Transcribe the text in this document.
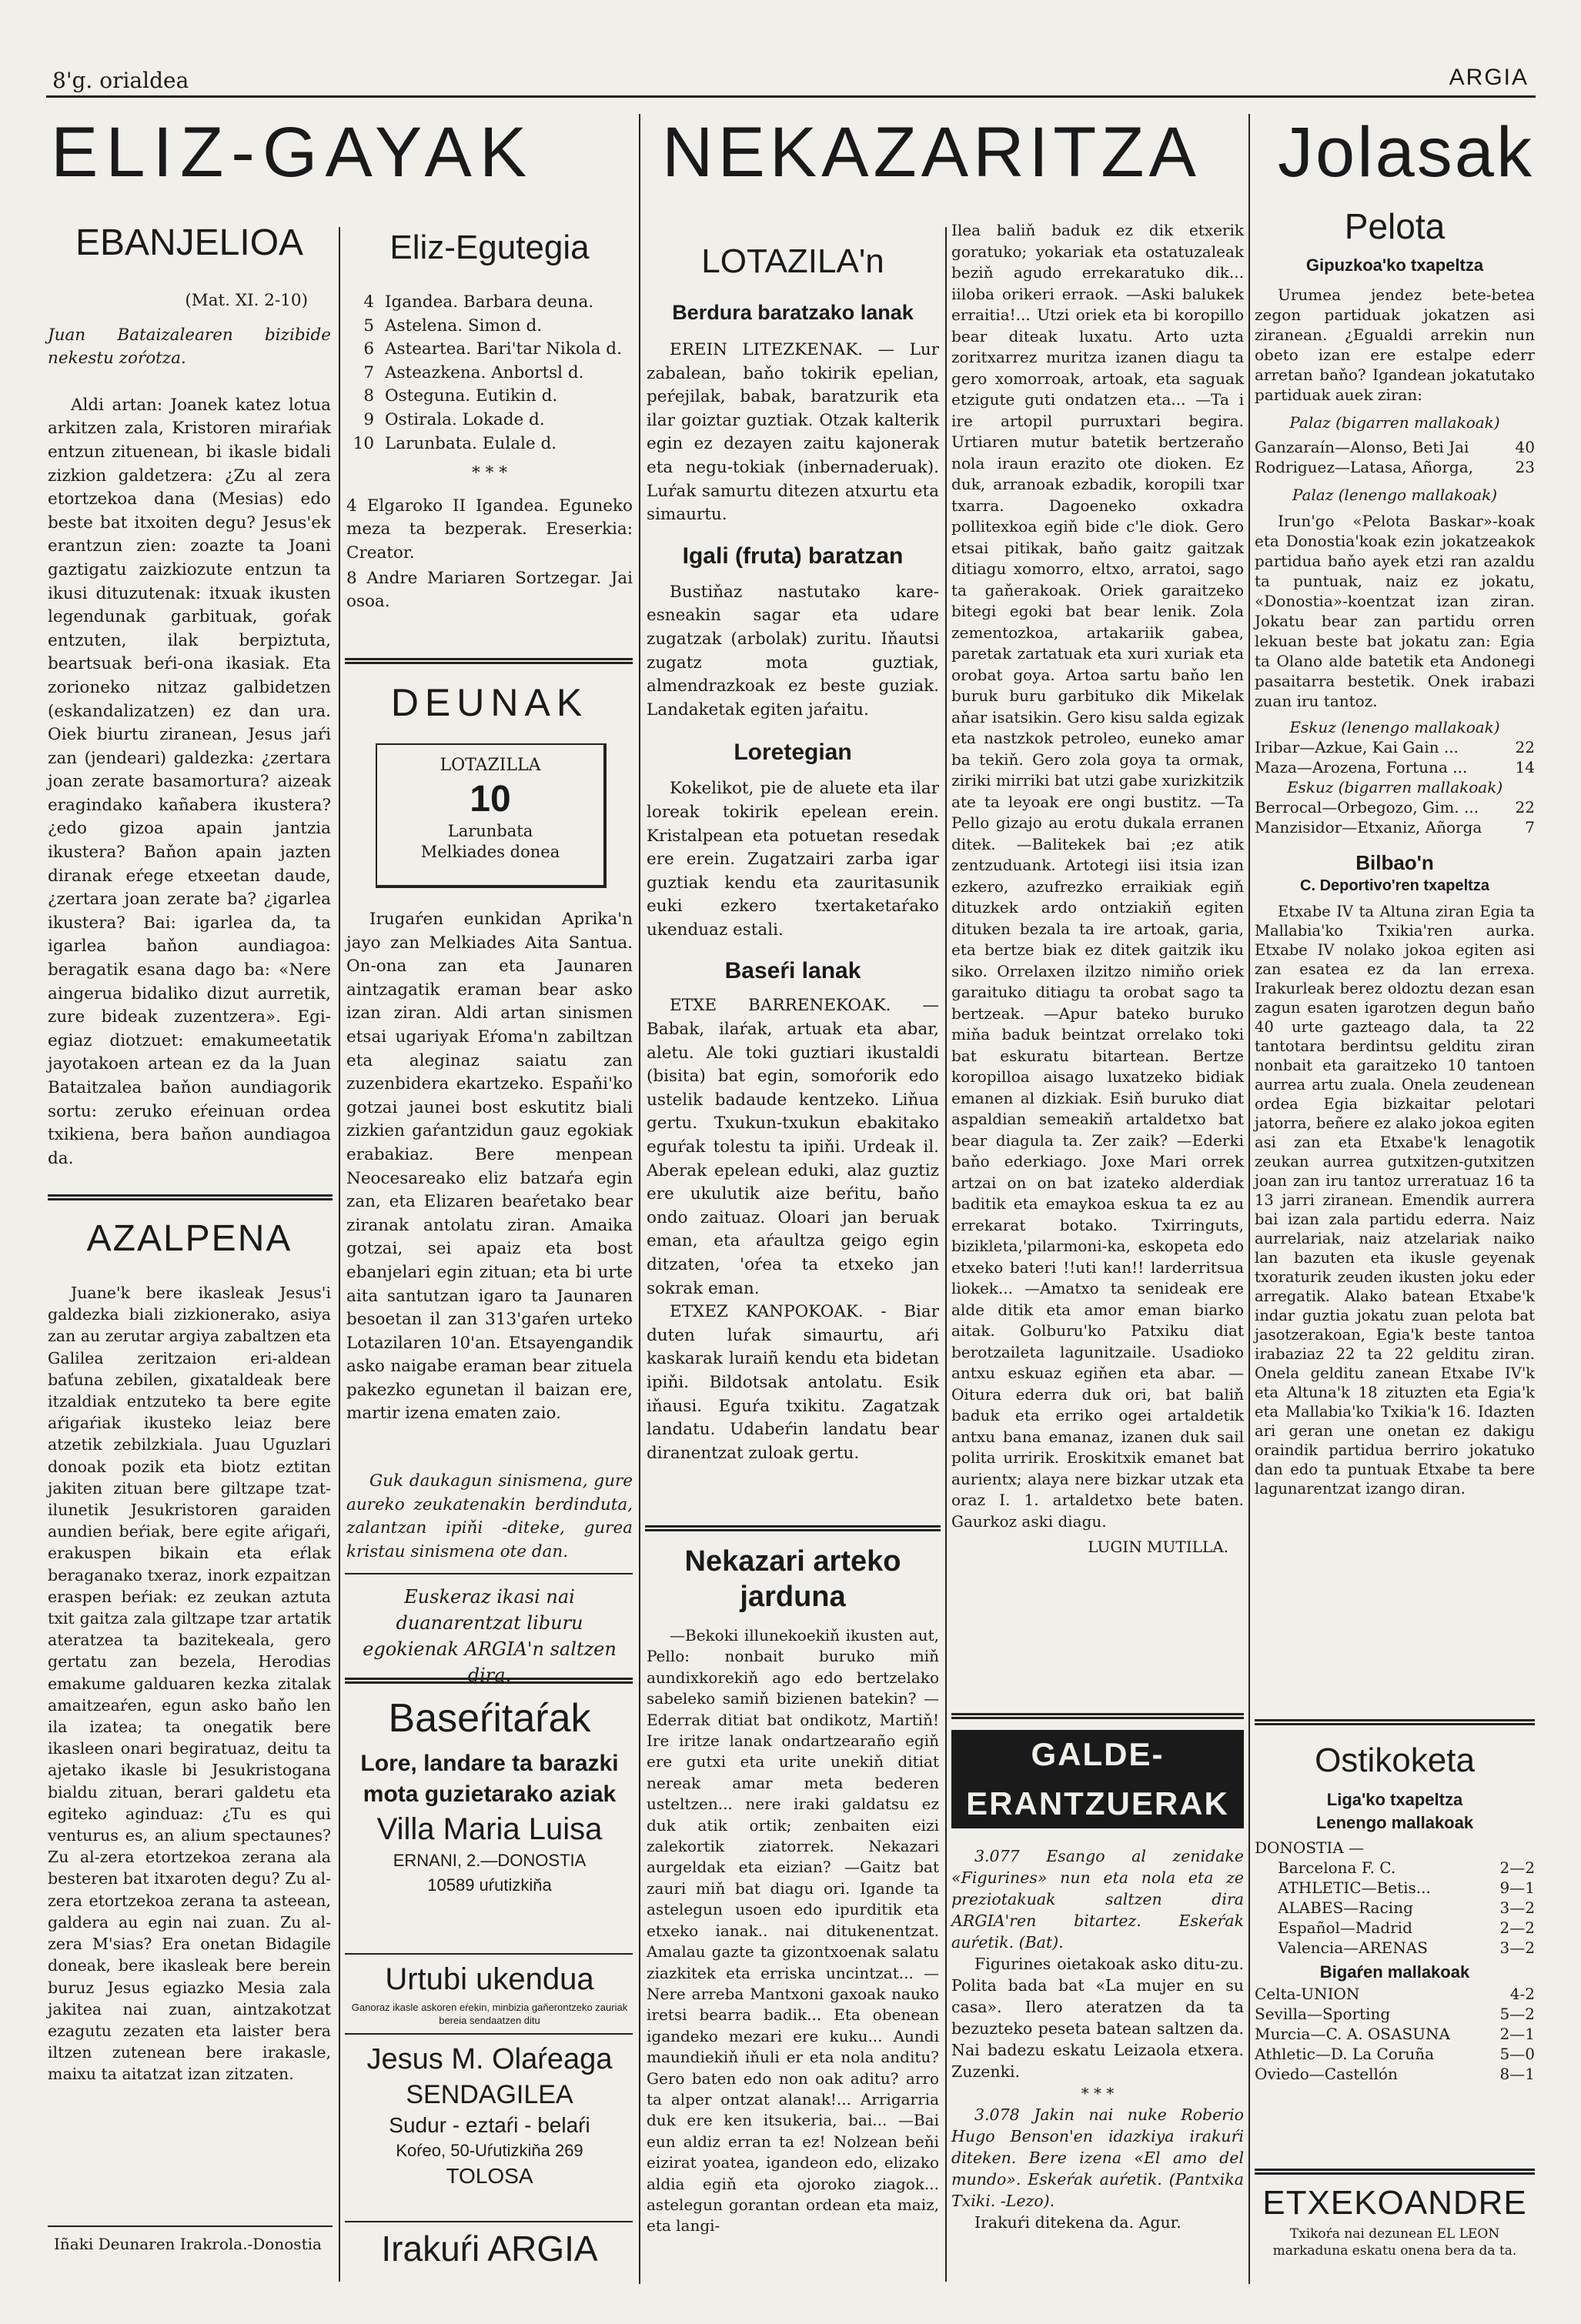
8'g. orialdea	ARGIA
ELIZ-GAYAK NEKAZARITZA Jolasak
EBANJELIOA
(Mat. XI. 2-10)
Juan Bataizalearen bizibide nekestu zoŕotza.
Aldi artan: Joanek katez lotua arkitzen zala, Kristoren miraŕiak entzun zituenean, bi ikasle bidali zizkion galdetzera: ¿Zu al zera etortzekoa dana (Mesias) edo beste bat itxoiten degu? Jesus'ek erantzun zien: zoazte ta Joani gaztigatu zaizkiozute entzun ta ikusi dituzutenak: itxuak ikusten legendunak garbituak, goŕak entzuten, ilak berpiztuta, beartsuak beŕi-ona ikasiak. Eta zorioneko nitzaz galbidetzen (eskandalizatzen) ez dan ura. Oiek biurtu ziranean, Jesus jaŕi zan (jendeari) galdezka: ¿zertara joan zerate basamortura? aizeak eragindako kañabera ikustera? ¿edo gizoa apain jantzia ikustera? Baňon apain jazten diranak eŕege etxeetan daude, ¿zertara joan zerate ba? ¿igarlea ikustera? Bai: igarlea da, ta igarlea baňon aundiagoa: beragatik esana dago ba: «Nere aingerua bidaliko dizut aurretik, zure bideak zuzentzera». Egi-egiaz diotzuet: emakumeetatik jayotakoen artean ez da la Juan Bataitzalea baňon aundiagorik sortu: zeruko eŕeinuan ordea txikiena, bera baňon aundiagoa da.
AZALPENA
Juane'k bere ikasleak Jesus'i galdezka biali zizkionerako, asiya zan au zerutar argiya zabaltzen eta Galilea zeritzaion eri-aldean baťuna zebilen, gixataldeak bere itzaldiak entzuteko ta bere egite aŕigaŕiak ikusteko leiaz bere atzetik zebilzkiala. Juau Uguzlari donoak pozik eta biotz eztitan jakiten zituan bere giltzape tzat-ilunetik Jesukristoren garaiden aundien beŕiak, bere egite aŕigaŕi, erakuspen bikain eta eŕlak beraganako txeraz, inork ezpaitzan eraspen beŕiak: ez zeukan aztuta txit gaitza zala giltzape tzar artatik ateratzea ta bazitekeala, gero gertatu zan bezela, Herodias emakume galduaren kezka zitalak amaitzeaŕen, egun asko baňo len ila izatea; ta onegatik bere ikasleen onari begiratuaz, deitu ta ajetako ikasle bi Jesukristogana bialdu zituan, berari galdetu eta egiteko aginduaz: ¿Tu es qui venturus es, an alium spectaunes? Zu al-zera etortzekoa zerana ala besteren bat itxaroten degu? Zu al-zera etortzekoa zerana ta asteean, galdera au egin nai zuan. Zu al-zera M'sias? Era onetan Bidagile doneak, bere ikasleak bere berein buruz Jesus egiazko Mesia zala jakitea nai zuan, aintzakotzat ezagutu zezaten eta laister bera iltzen zutenean bere irakasle, maixu ta aitatzat izan zitzaten.
Iñaki Deunaren Irakrola.-Donostia
Eliz-Egutegia
4 Igandea. Barbara deuna.
5 Astelena. Simon d.
6 Asteartea. Bari'tar Nikola d.
7 Asteazkena. Anbortsl d.
8 Osteguna. Eutikin d.
9 Ostirala. Lokade d.
10 Larunbata. Eulale d.
* * *
4 Elgaroko II Igandea. Egunekо meza ta bezperak. Ereserkia: Creator.
8 Andre Mariaren Sortzegar. Jai osoa.
DEUNAK
LOTAZILLA
10
Larunbata
Melkiades donea
Irugaŕen eunkidan Aprika'n jayo zan Melkiades Aita Santua. On-ona zan eta Jaunaren aintzagatik eraman bear asko izan ziran. Aldi artan sinismen etsai ugariyak Eŕoma'n zabiltzan eta aleginaz saiatu zan zuzenbidera ekartzeko. Espaňi'ko gotzai jaunei bost eskutitz biali zizkien gaŕantzidun gauz egokiak erabakiaz. Bere menpean Neocesareako eliz batzaŕa egin zan, eta Elizaren beaŕetako bear ziranak antolatu ziran. Amaika gotzai, sei apaiz eta bost ebanjelari egin zituan; eta bi urte aita santutzan igaro ta Jaunaren besoetan il zan 313'gaŕen urteko Lotazilaren 10'an. Etsayengandik asko naigabe eraman bear zituela pakezko egunetan il baizan ere, martir izena ematen zaio.
Guk daukagun sinismena, gure aureko zeukatenakin berdinduta, zalantzan ipiňi -diteke, gurea kristau sinismena ote dan.
Euskeraz ikasi nai duanarentzat liburu egokienak ARGIA'n saltzen dira.
Baseŕitaŕak
Lore, landare ta barazki
mota guzietarako aziak
Villa Maria Luisa
ERNANI, 2.—DONOSTIA
10589 uŕutizkiňa
Urtubi ukendua
Ganoraz ikasle askoren eŕekin, minbizia gaňerontzeko zauriak bereia sendaatzen ditu
Jesus M. Olaŕeaga
SENDAGILEA
Sudur - eztaŕi - belaŕi
Koŕeo, 50-Uŕutizkiňa 269
TOLOSA
Irakuŕi ARGIA
LOTAZILA'n
Berdura baratzako lanak
EREIN LITEZKENAK. — Lur zabalean, baňo tokirik epelian, peŕejilak, babak, baratzurik eta ilar goiztar guztiak. Otzak kalterik egin ez dezayen zaitu kajonerak eta negu-tokiak (inbernaderuak). Luŕak samurtu ditezen atxurtu eta simaurtu.
Igali (fruta) baratzan
Bustiňaz nastutako kare-esneakin sagar eta udare zugatzak (arbolak) zuritu. Iňautsi zugatz mota guztiak, almendrazkoak ez beste guziak. Landaketak egiten jaŕaitu.
Loretegian
Kokelikot, pie de aluete eta ilar loreak tokirik epelean erein. Kristalpean eta potuetan resedak ere erein. Zugatzairi zarba igar guztiak kendu eta zauritasunik euki ezkero txertaketaŕako ukenduaz estali.
Baseŕi lanak
ETXE BARRENEKOAK. — Babak, ilaŕak, artuak eta abar, aletu. Ale toki guztiari ikustaldi (bisita) bat egin, somoŕorik edo ustelik badaude kentzeko. Liňua gertu. Txukun-txukun ebakitako eguŕak tolestu ta ipiňi. Urdeak il. Aberak epelean eduki, alaz guztiz ere ukulutik aize beŕitu, baňo ondo zaituaz. Oloari jan beruak eman, eta aŕaultza geigo egin ditzaten, 'oŕea ta etxeko jan sokrak eman.
ETXEZ KANPOKOAK. - Biar duten luŕak simaurtu, aŕi kaskarak luraiñ kendu eta bidetan ipiňi. Bildotsak antolatu. Esik iňausi. Eguŕa txikitu. Zagatzak landatu. Udabeŕin landatu bear diranentzat zuloak gertu.
Nekazari arteko jarduna
—Bekoki illunekoekiň ikusten aut, Pello: nonbait buruko miň aundixkorekiň ago edo bertzelako sabeleko samiň bizienen batekin? —Ederrak ditiat bat ondikotz, Martiň! Ire iritze lanak ondartzearaño egiň ere gutxi eta urite unekiň ditiat nereak amar meta bederen usteltzen... nere iraki galdatsu ez duk atik ortik; zenbaiten eizi zalekortik ziatorrek. Nekazari aurgeldak eta eizian? —Gaitz bat zauri miň bat diagu ori. Igande ta astelegun usoen edo ipurditik eta etxeko ianak.. nai ditukenentzat. Amalau gazte ta gizontxoenak salatu ziazkitek eta erriska uncintzat... —Nere arreba Mantxoni gaxoak nauko iretsi bearra badik... Eta obenean igandeko mezari ere kuku... Aundi maundiekiň iňuli er eta nola anditu? Gero baten edo non oak aditu? arro ta alper ontzat alanak!... Arrigarria duk ere ken itsukeria, bai... —Bai eun aldiz erran ta ez! Nolzean beňi eizirat yoatea, igandeon edo, elizako aldia egiň eta ojoroko ziagok... astelegun gorantan ordean eta maiz, eta langi-
Ilea baliň baduk ez dik etxerik goratuko; yokariak eta ostatuzaleak beziň agudo errekaratuko dik... iiloba orikeri erraok. —Aski balukek erraitia!... Utzi oriek eta bi koropillo bear diteak luxatu. Arto uzta zoritxarrez muritza izanen diagu ta gero xomorroak, artoak, eta saguak etzigute guti ondatzen eta... —Ta i ire artopil purruxtari begira. Urtiaren mutur batetik bertzeraňo nola iraun erazito ote dioken. Ez duk, arranoak ezbadik, koropili txar txarra. Dagoeneko oxkadra pollitexkoa egiň bide c'le diok. Gero etsai pitikak, baňo gaitz gaitzak ditiagu xomorro, eltxo, arratoi, sago ta gaňerakoak. Oriek garaitzeko bitegi egoki bat bear lenik. Zola zementozkoa, artakariik gabea, paretak zartatuak eta xuri xuriak eta orobat goya. Artoa sartu baňo len buruk buru garbituko dik Mikelak aňar isatsikin. Gero kisu salda egizak eta nastzkok petroleo, euneko amar ba tekiň. Gero zola goya ta ormak, ziriki mirriki bat utzi gabe xurizkitzik ate ta leyoak ere ongi bustitz. —Ta Pello gizajo au erotu dukala erranen ditek. —Balitekek bai ;ez atik zentzuduank. Artotegi iisi itsia izan ezkero, azufrezko erraikiak egiň dituzkek ardo ontziakiň egiten dituken bezala ta ire artoak, garia, eta bertze biak ez ditek gaitzik iku siko. Orrelaxen ilzitzo nimiňo oriek garaituko ditiagu ta orobat sago ta bertzeak. —Apur bateko buruko miňa baduk beintzat orrelako toki bat eskuratu bitartean. Bertze koropilloa aisago luxatzeko bidiak emanen al dizkiak. Esiň buruko diat aspaldian semeakiň artaldetxo bat bear diagula ta. Zer zaik? —Ederki baňo ederkiago. Joxe Mari orrek artzai on on bat izateko alderdiak baditik eta emaykoa eskua ta ez au errekarat botako. Txirringuts, bizikleta,'pilarmoni-ka, eskopeta edo etxeko bateri !!uti kan!! larderritsua liokek... —Amatxo ta senideak ere alde ditik eta amor eman biarko aitak. Golburu'ko Patxiku diat berotzaileta lagunitzaile. Usadioko antxu eskuaz egiňen eta abar. —Oitura ederra duk ori, bat baliň baduk eta erriko ogei artaldetik antxu bana emanaz, izanen duk sail polita urririk. Eroskitxik emanet bat aurientx; alaya nere bizkar utzak eta oraz I. 1. artaldetxo bete baten. Gaurkoz aski diagu.
LUGIN MUTILLA.
GALDE-ERANTZUERAK
3.077 Esango al zenidake «Figurines» nun eta nola eta ze preziotakuak saltzen dira ARGIA'ren bitartez. Eskeŕak auŕetik. (Bat).
Figurines oietakoak asko ditu-zu. Polita bada bat «La mujer en su casa». Ilero ateratzen da ta bezuzteko peseta batean saltzen da. Nai badezu eskatu Leizaola etxera. Zuzenki.
* * *
3.078 Jakin nai nuke Roberio Hugo Benson'en idazkiya irakuŕi diteken. Bere izena «El amo del mundo». Eskeŕak auŕetik. (Pantxika Txiki. -Lezo).
Irakuŕi ditekena da. Agur.
Pelota
Gipuzkoa'ko txapeltza
Urumea jendez bete-betea zegon partiduak jokatzen asi ziranean. ¿Egualdi arrekin nun obeto izan ere estalpe ederr arretan baňo? Igandean jokatutako partiduak auek ziran:
Palaz (bigarren mallakoak)
Ganzaraín—Alonso, Beti Jai	40
Rodriguez—Latasa, Añorga,	23
Palaz (lenengo mallakoak)
Irun'go «Pelota Baskar»-koak eta Donostia'koak ezin jokatzeakok partidua baňo ayek etzi ran azaldu ta puntuak, naiz ez jokatu, «Donostia»-koentzat izan ziran. Jokatu bear zan partidu orren lekuan beste bat jokatu zan: Egia ta Olano alde batetik eta Andonegi pasaitarra bestetik. Onek irabazi zuan iru tantoz.
Eskuz (lenengo mallakoak)
Iribar—Azkue, Kai Gain ...	22
Maza—Arozena, Fortuna ...	14
Eskuz (bigarren mallakoak)
Berrocal—Orbegozo, Gim. ...	22
Manzisidor—Etxaniz, Añorga	7
Bilbao'n
C. Deportivo'ren txapeltza
Etxabe IV ta Altuna ziran Egia ta Mallabia'ko Txikia'ren aurka. Etxabe IV nolako jokoa egiten asi zan esatea ez da lan errexa. Irakurleak berez oldoztu dezan esan zagun esaten igarotzen degun baňo 40 urte gazteago dala, ta 22 tantotara berdintsu gelditu ziran nonbait eta garaitzeko 10 tantoen aurrea artu zuala. Onela zeudenean ordea Egia bizkaitar pelotari jatorra, beñere ez alako jokoa egiten asi zan eta Etxabe'k lenagotik zeukan aurrea gutxitzen-gutxitzen joan zan iru tantoz urreratuaz 16 ta 13 jarri ziranean. Emendik aurrera bai izan zala partidu ederra. Naiz aurrelariak, naiz atzelariak naiko lan bazuten eta ikusle geyenak txoraturik zeuden ikusten joku eder arregatik. Alako batean Etxabe'k indar guztia jokatu zuan pelota bat jasotzerakoan, Egia'k beste tantoa irabaziaz 22 ta 22 gelditu ziran. Onela gelditu zanean Etxabe IV'k eta Altuna'k 18 zituzten eta Egia'k eta Mallabia'ko Txikia'k 16. Idazten ari geran une onetan ez dakigu oraindik partidua berriro jokatuko dan edo ta puntuak Etxabe ta bere lagunarentzat izango diran.
Ostikoketa
Liga'ko txapeltza
Lenengo mallakoak
DONOSTIA —
Barcelona F. C.	2—2
ATHLETIC—Betis...	9—1
ALABES—Racing	3—2
Español—Madrid	2—2
Valencia—ARENAS	3—2
Bigaŕen mallakoak
Celta-UNION	4-2
Sevilla—Sporting	5—2
Murcia—C. A. OSASUNA	2—1
Athletic—D. La Coruña	5—0
Oviedo—Castellón	8—1
ETXEKOANDRE
Txikoŕa nai dezunean EL LEON markaduna eskatu onena bera da ta.
